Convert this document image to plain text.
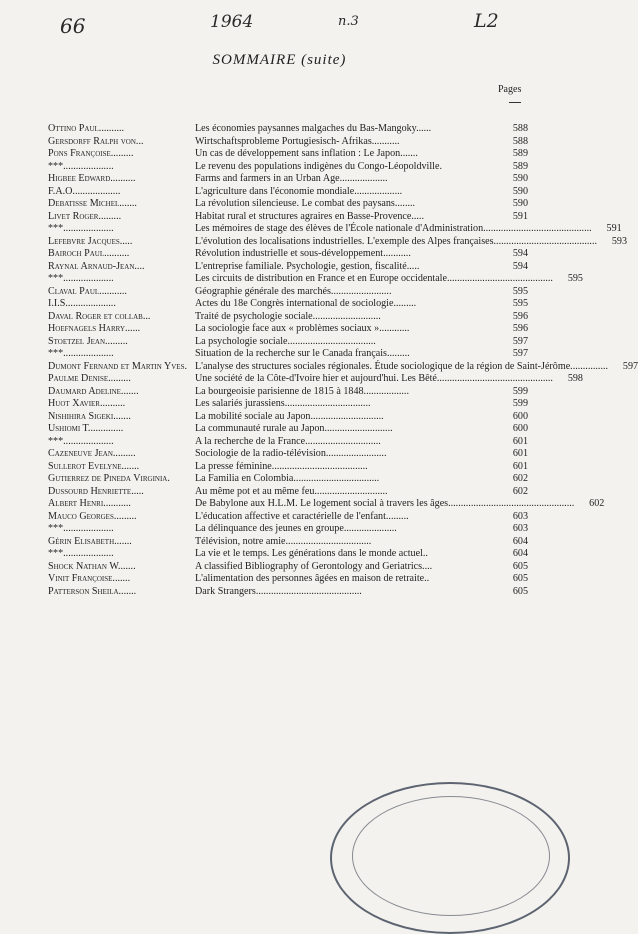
66	1964	n.3	L2
SOMMAIRE (suite)
Pages
Ottino Paul..........	Les économies paysannes malgaches du Bas-Mangoky......	588
Gersdorff Ralph von...	Wirtschaftsprobleme Portugiesisch- Afrikas...........	588
Pons Françoise.........	Un cas de développement sans inflation : Le Japon.......	589
***....................	Le revenu des populations indigènes du Congo-Léopoldville.	589
Higbee Edward..........	Farms and farmers in an Urban Age...................	590
F.A.O...................	L'agriculture dans l'économie mondiale...................	590
Debatisse Michel.......	La révolution silencieuse. Le combat des paysans........	590
Livet Roger.........	Habitat rural et structures agraires en Basse-Provence.....	591
***....................	Les mémoires de stage des élèves de l'École nationale d'Administration...........................................	591
Lefebvre Jacques.....	L'évolution des localisations industrielles. L'exemple des Alpes françaises.........................................	593
Bairoch Paul..........	Révolution industrielle et sous-développement...........	594
Raynal Arnaud-Jean....	L'entreprise familiale. Psychologie, gestion, fiscalité.....	594
***....................	Les circuits de distribution en France et en Europe occidentale..........................................	595
Claval Paul...........	Géographie générale des marchés........................	595
I.I.S....................	Actes du 18e Congrès international de sociologie.........	595
Daval Roger et collab...	Traité de psychologie sociale...........................	596
Hoefnagels Harry......	La sociologie face aux « problèmes sociaux »............	596
Stoetzel Jean.........	La psychologie sociale...................................	597
***....................	Situation de la recherche sur le Canada français.........	597
Dumont Fernand et Martin Yves. L'analyse des structures sociales régionales. Étude sociologique de la région de Saint-Jérôme...............	597
Paulme Denise.........	Une société de la Côte-d'Ivoire hier et aujourd'hui. Les Bêté..............................................	598
Daumard Adeline.......	La bourgeoisie parisienne de 1815 à 1848..................	599
Huot Xavier..........	Les salariés jurassiens..................................	599
Nishihira Sigeki.......	La mobilité sociale au Japon.............................	600
Ushiomi T..............	La communauté rurale au Japon...........................	600
***....................	A la recherche de la France..............................	601
Cazeneuve Jean.........	Sociologie de la radio-télévision........................	601
Sullerot Evelyne.......	La presse féminine......................................	601
Gutierrez de Pineda Virginia.	La Familia en Colombia..................................	602
Dussourd Henriette.....	Au même pot et au même feu.............................	602
Albert Henri...........	De Babylone aux H.L.M. Le logement social à travers les âges..................................................	602
Mauco Georges.........	L'éducation affective et caractérielle de l'enfant.........	603
***....................	La délinquance des jeunes en groupe.....................	603
Gérin Elisabeth.......	Télévision, notre amie..................................	604
***....................	La vie et le temps. Les générations dans le monde actuel..	604
Shock Nathan W.......	A classified Bibliography of Gerontology and Geriatrics....	605
Vinit Françoise.......	L'alimentation des personnes âgées en maison de retraite..	605
Patterson Sheila.......	Dark Strangers..........................................	605
